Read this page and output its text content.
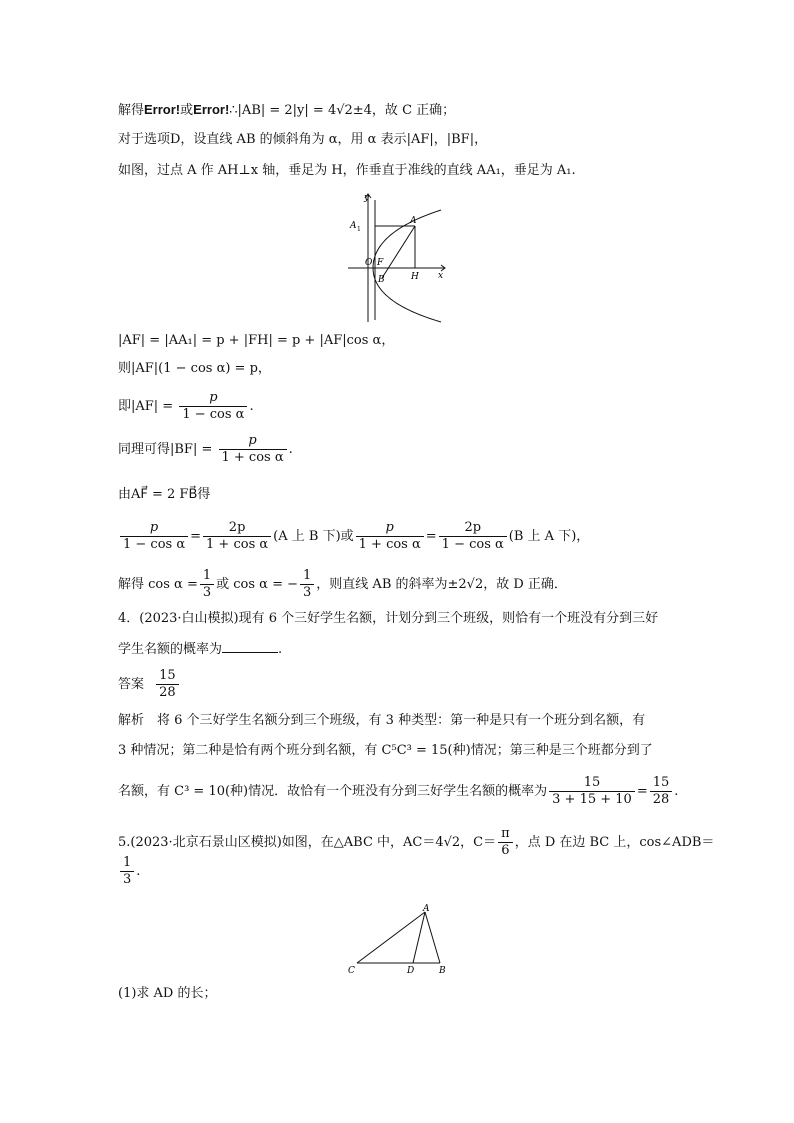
解得Error!或Error!∴|AB| = 2|y| = 4√2±4，故 C 正确；
对于选项D，设直线 AB 的倾斜角为 α，用 α 表示|AF|，|BF|，
如图，过点 A 作 AH⊥x 轴，垂足为 H，作垂直于准线的直线 AA₁，垂足为 A₁.
y
x
A 1
A
O F
B	H
|AF| = |AA₁| = p + |FH| = p + |AF|cos α，
则|AF|(1 − cos α) = p，
即$|AF| = \frac{p}{\text{1 − cos α}}$ .
同理可得$|BF| = \frac{p}{\text{1 + cos α}}$ .
由AF⃗ = 2 FB⃗得
$\frac{p}{\text{1 − cos α}} = \frac{2p}{\text{1 + cos α}} (A$ 上 B 下)或 $\frac{p}{\text{1 + cos α}} = \frac{2p}{\text{1 − cos α}} (B$ 上 A 下)，
解得 $\cos \alpha = \frac{1}{3}$ 或 cos α = − $\frac{1}{3}$ ，则直线 AB 的斜率为±2√2，故 D 正确．
4．(2023·白山模拟)现有 6 个三好学生名额，计划分到三个班级，则恰有一个班没有分到三好
学生名额的概率为	.
答案 $\frac{15}{28}$
解析　将 6 个三好学生名额分到三个班级，有 3 种类型：第一种是只有一个班分到名额，有
3 种情况；第二种是恰有两个班分到名额，有 C⁵C³ = 15(种)情况；第三种是三个班都分到了
名额，有 C³ = 10(种)情况．故恰有一个班没有分到三好学生名额的概率为 $\frac{15}{3 + 15 + 10} = \frac{15}{28}$ .
5.(2023·北京石景山区模拟)如图，在△ABC 中，AC＝4√2，$C= \frac{\pi}{6}$ ，点 D 在边 BC 上，cos∠ADB＝
$\frac{1}{3}$ .
A
C	D	B
(1)求 AD 的长；
